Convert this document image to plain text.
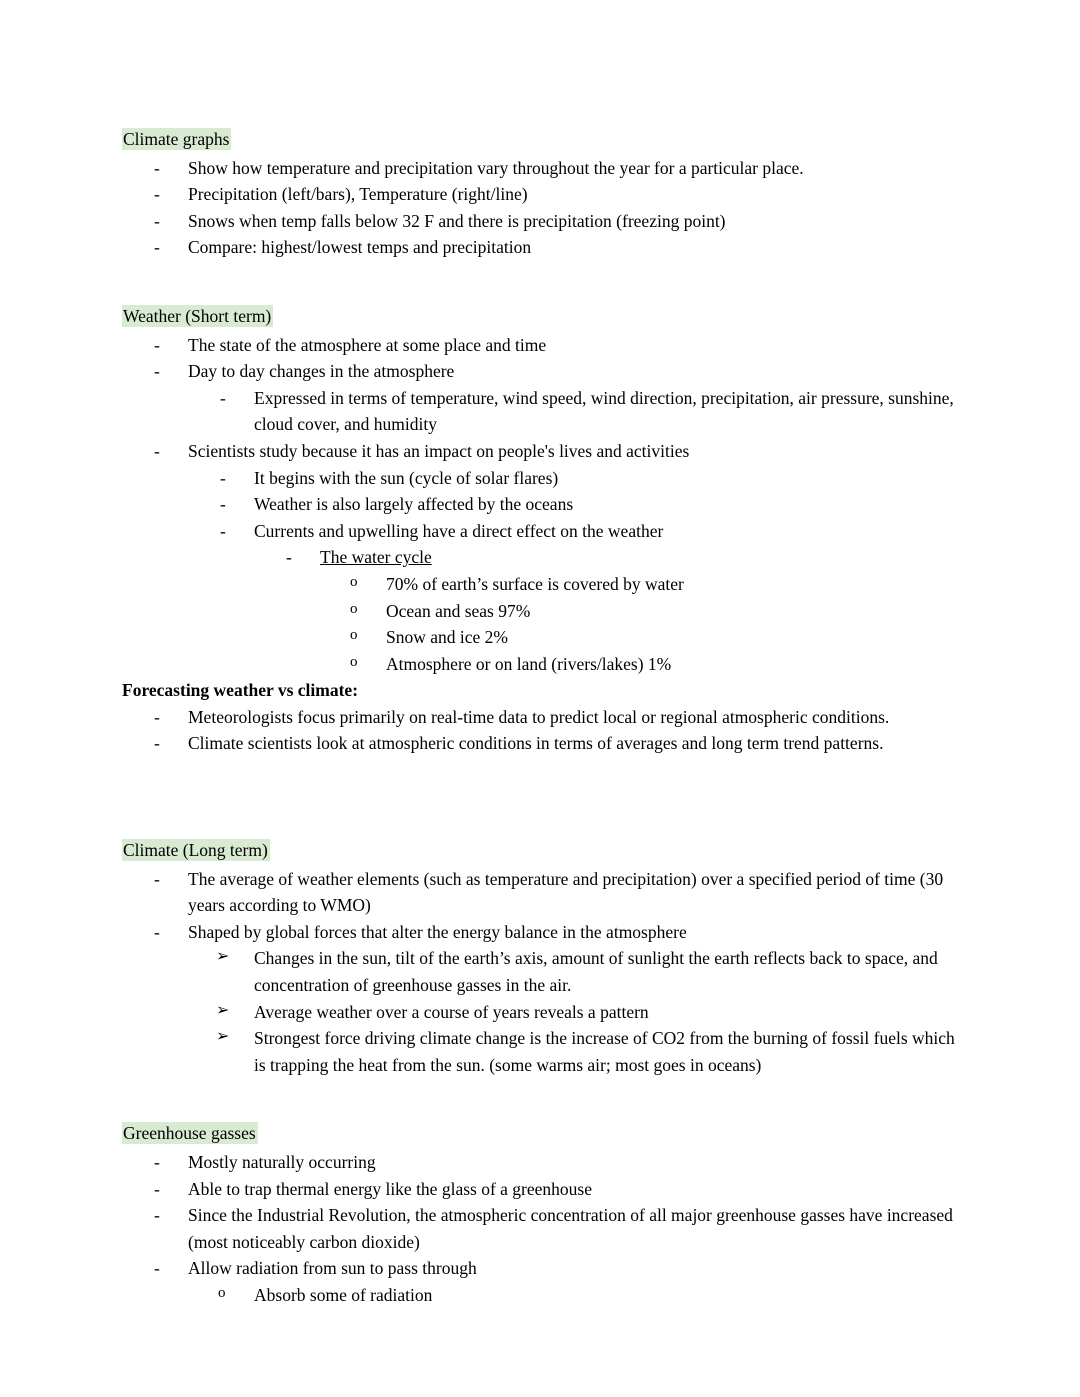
Climate graphs

- Show how temperature and precipitation vary throughout the year for a particular place.
- Precipitation (left/bars), Temperature (right/line)
- Snows when temp falls below 32 F and there is precipitation (freezing point)
- Compare: highest/lowest temps and precipitation

Weather (Short term)

- The state of the atmosphere at some place and time
- Day to day changes in the atmosphere
- Expressed in terms of temperature, wind speed, wind direction, precipitation, air pressure, sunshine, cloud cover, and humidity
- Scientists study because it has an impact on people's lives and activities
- It begins with the sun (cycle of solar flares)
- Weather is also largely affected by the oceans
- Currents and upwelling have a direct effect on the weather
- The water cycle
o 70% of earth’s surface is covered by water
o Ocean and seas 97%
o Snow and ice 2%
o Atmosphere or on land (rivers/lakes) 1%

Forecasting weather vs climate:

- Meteorologists focus primarily on real-time data to predict local or regional atmospheric conditions.
- Climate scientists look at atmospheric conditions in terms of averages and long term trend patterns.

Climate (Long term)

- The average of weather elements (such as temperature and precipitation) over a specified period of time (30 years according to WMO)
- Shaped by global forces that alter the energy balance in the atmosphere
➢ Changes in the sun, tilt of the earth’s axis, amount of sunlight the earth reflects back to space, and concentration of greenhouse gasses in the air.
➢ Average weather over a course of years reveals a pattern
➢ Strongest force driving climate change is the increase of CO2 from the burning of fossil fuels which is trapping the heat from the sun. (some warms air; most goes in oceans)

Greenhouse gasses

- Mostly naturally occurring
- Able to trap thermal energy like the glass of a greenhouse
- Since the Industrial Revolution, the atmospheric concentration of all major greenhouse gasses have increased (most noticeably carbon dioxide)
- Allow radiation from sun to pass through
o Absorb some of radiation
